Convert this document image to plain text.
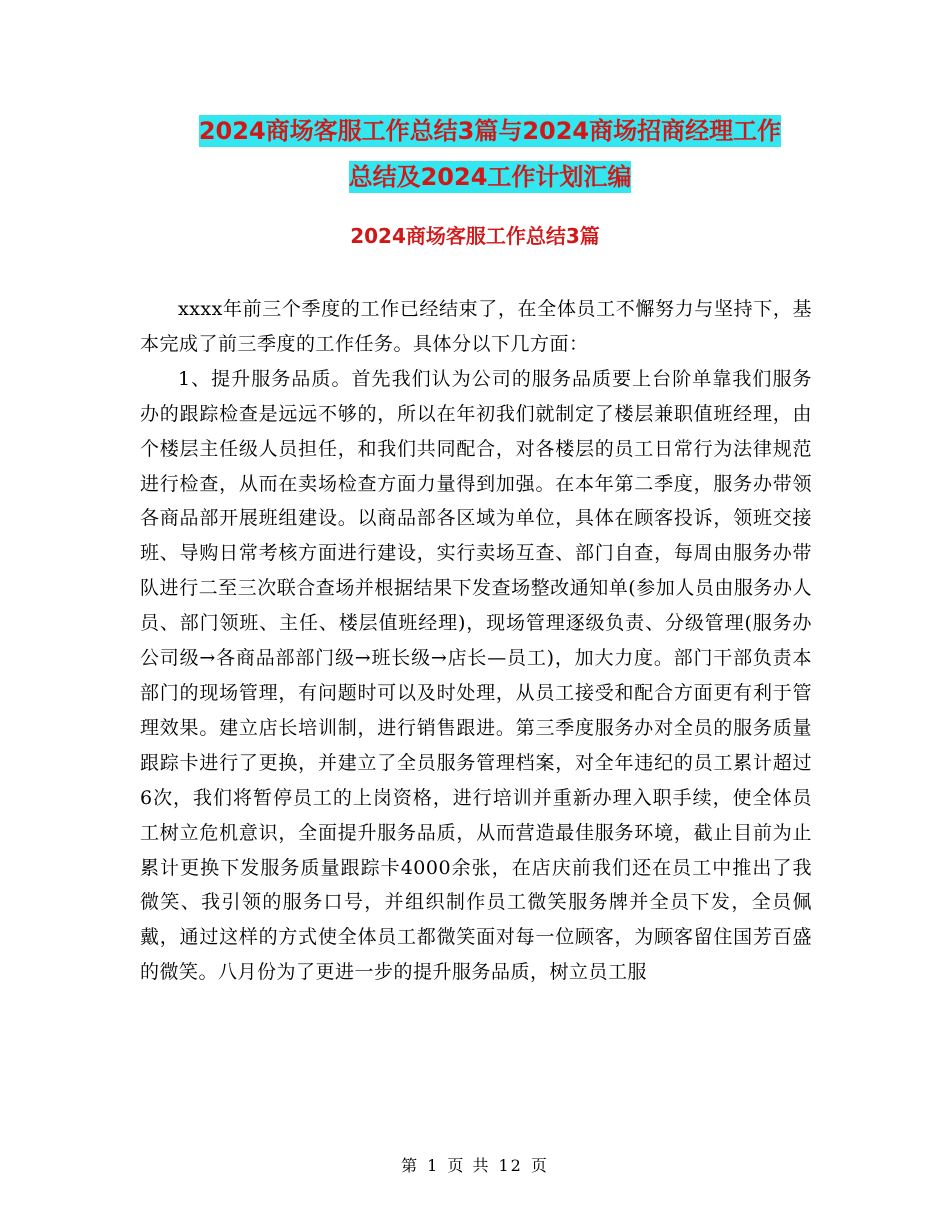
2024商场客服工作总结3篇与2024商场招商经理工作
总结及2024工作计划汇编
2024商场客服工作总结3篇

xxxx年前三个季度的工作已经结束了，在全体员工不懈努力与坚持下，基本完成了前三季度的工作任务。具体分以下几方面：

1、提升服务品质。首先我们认为公司的服务品质要上台阶单靠我们服务办的跟踪检查是远远不够的，所以在年初我们就制定了楼层兼职值班经理，由个楼层主任级人员担任，和我们共同配合，对各楼层的员工日常行为法律规范进行检查，从而在卖场检查方面力量得到加强。在本年第二季度，服务办带领各商品部开展班组建设。以商品部各区域为单位，具体在顾客投诉，领班交接班、导购日常考核方面进行建设，实行卖场互查、部门自查，每周由服务办带队进行二至三次联合查场并根据结果下发查场整改通知单(参加人员由服务办人员、部门领班、主任、楼层值班经理)，现场管理逐级负责、分级管理(服务办公司级→各商品部部门级→班长级→店长—员工)，加大力度。部门干部负责本部门的现场管理，有问题时可以及时处理，从员工接受和配合方面更有利于管理效果。建立店长培训制，进行销售跟进。第三季度服务办对全员的服务质量跟踪卡进行了更换，并建立了全员服务管理档案，对全年违纪的员工累计超过6次，我们将暂停员工的上岗资格，进行培训并重新办理入职手续，使全体员工树立危机意识，全面提升服务品质，从而营造最佳服务环境，截止目前为止累计更换下发服务质量跟踪卡4000余张，在店庆前我们还在员工中推出了我微笑、我引领的服务口号，并组织制作员工微笑服务牌并全员下发，全员佩戴，通过这样的方式使全体员工都微笑面对每一位顾客，为顾客留住国芳百盛的微笑。八月份为了更进一步的提升服务品质，树立员工服

第 1 页 共 12 页
